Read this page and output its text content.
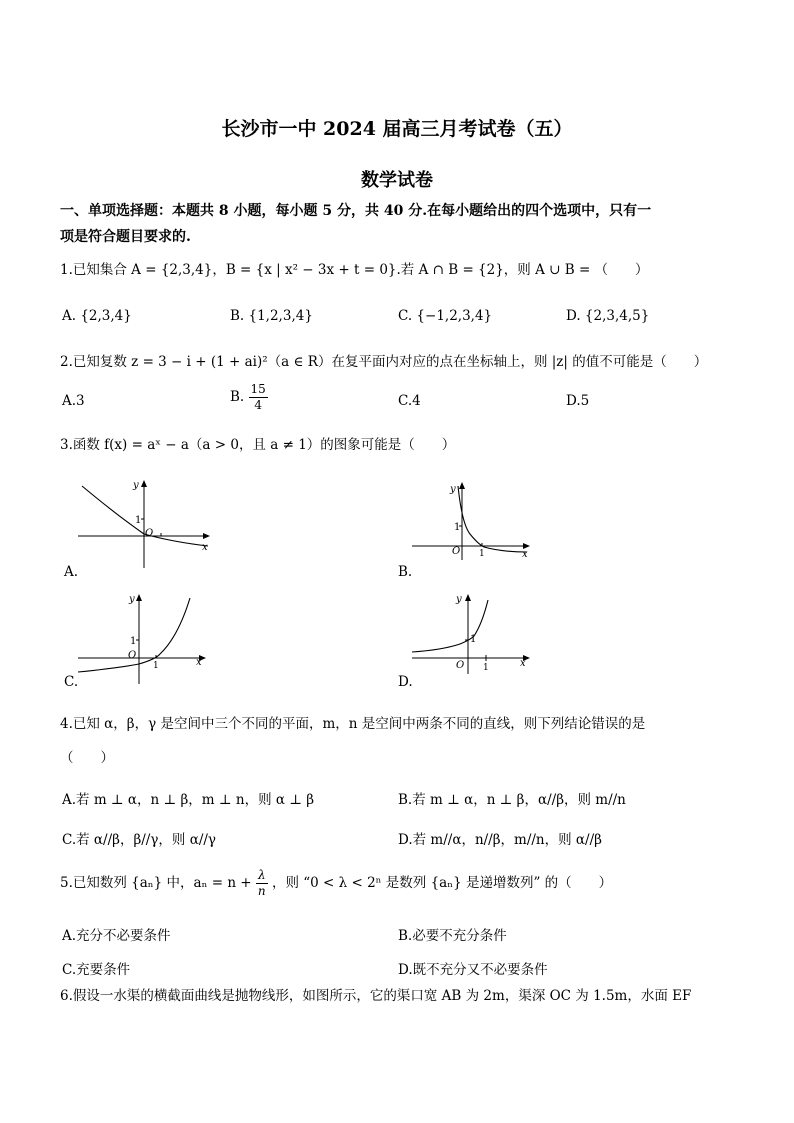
长沙市一中 2024 届高三月考试卷（五）
数学试卷
一、单项选择题：本题共 8 小题，每小题 5 分，共 40 分.在每小题给出的四个选项中，只有一
项是符合题目要求的.
1.已知集合 A = {2,3,4}，B = {x | x² − 3x + t = 0}.若 A ∩ B = {2}，则 A ∪ B = （　　）
A. {2,3,4}	B. {1,2,3,4}	C. {−1,2,3,4}	D. {2,3,4,5}
2.已知复数 z = 3 − i + (1 + ai)²（a ∈ R）在复平面内对应的点在坐标轴上，则 |z| 的值不可能是（　　）
A.3	B. $\frac{15}{4}$	C.4	D.5
3.函数 f(x) = aˣ − a（a > 0，且 a ≠ 1）的图象可能是（　　）
x
y
1
O
A.
x
y
1
O 1
B.
x
y
1
O
1
C.
x
y
1
O 1
D.
4.已知 α，β，γ 是空间中三个不同的平面，m，n 是空间中两条不同的直线，则下列结论错误的是
（　　）
A.若 m ⊥ α，n ⊥ β，m ⊥ n，则 α ⊥ β	B.若 m ⊥ α，n ⊥ β，α//β，则 m//n
C.若 α//β，β//γ，则 α//γ	D.若 m//α，n//β，m//n，则 α//β
5.已知数列 {aₙ} 中，$a_n = n + \frac{\lambda}{n}$ ，则 “0 < λ < 2ⁿ 是数列 {aₙ} 是递增数列” 的（　　）
A.充分不必要条件	B.必要不充分条件
C.充要条件	D.既不充分又不必要条件
6.假设一水渠的横截面曲线是抛物线形，如图所示，它的渠口宽 AB 为 2m，渠深 OC 为 1.5m，水面 EF
